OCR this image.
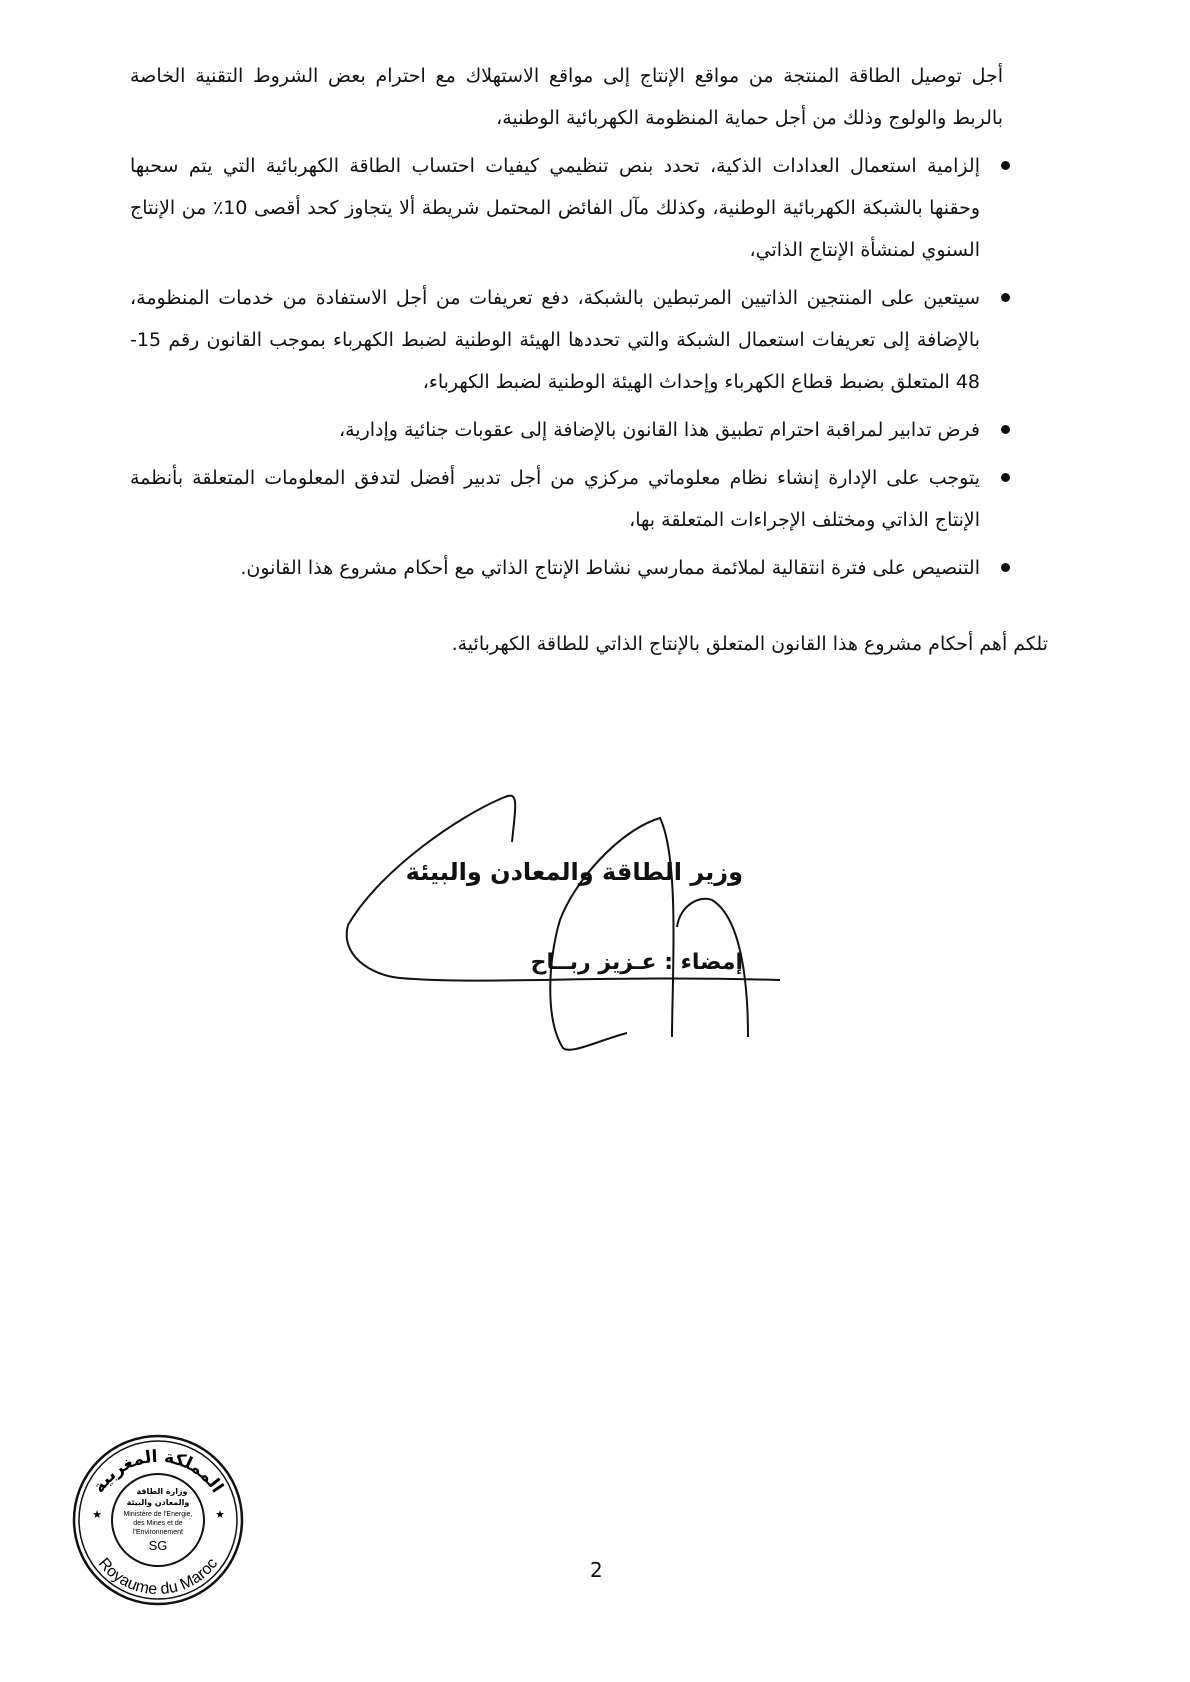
أجل توصيل الطاقة المنتجة من مواقع الإنتاج إلى مواقع الاستهلاك مع احترام بعض الشروط التقنية الخاصة بالربط والولوج وذلك من أجل حماية المنظومة الكهربائية الوطنية،
إلزامية استعمال العدادات الذكية، تحدد بنص تنظيمي كيفيات احتساب الطاقة الكهربائية التي يتم سحبها وحقنها بالشبكة الكهربائية الوطنية، وكذلك مآل الفائض المحتمل شريطة ألا يتجاوز كحد أقصى 10٪ من الإنتاج السنوي لمنشأة الإنتاج الذاتي،
سيتعين على المنتجين الذاتيين المرتبطين بالشبكة، دفع تعريفات من أجل الاستفادة من خدمات المنظومة، بالإضافة إلى تعريفات استعمال الشبكة والتي تحددها الهيئة الوطنية لضبط الكهرباء بموجب القانون رقم 15-48 المتعلق بضبط قطاع الكهرباء وإحداث الهيئة الوطنية لضبط الكهرباء،
فرض تدابير لمراقبة احترام تطبيق هذا القانون بالإضافة إلى عقوبات جنائية وإدارية،
يتوجب على الإدارة إنشاء نظام معلوماتي مركزي من أجل تدبير أفضل لتدفق المعلومات المتعلقة بأنظمة الإنتاج الذاتي ومختلف الإجراءات المتعلقة بها،
التنصيص على فترة انتقالية لملائمة ممارسي نشاط الإنتاج الذاتي مع أحكام مشروع هذا القانون.
تلكم أهم أحكام مشروع هذا القانون المتعلق بالإنتاج الذاتي للطاقة الكهربائية.
وزير الطاقة والمعادن والبيئة
إمضاء : عـزيز ربــاح
المملكة المغربية
Royaume du Maroc
★	★
وزارة الطاقة
والمعادن والبيئة
Ministère de l'Energie,
des Mines et de
l'Environnement
SG
2
